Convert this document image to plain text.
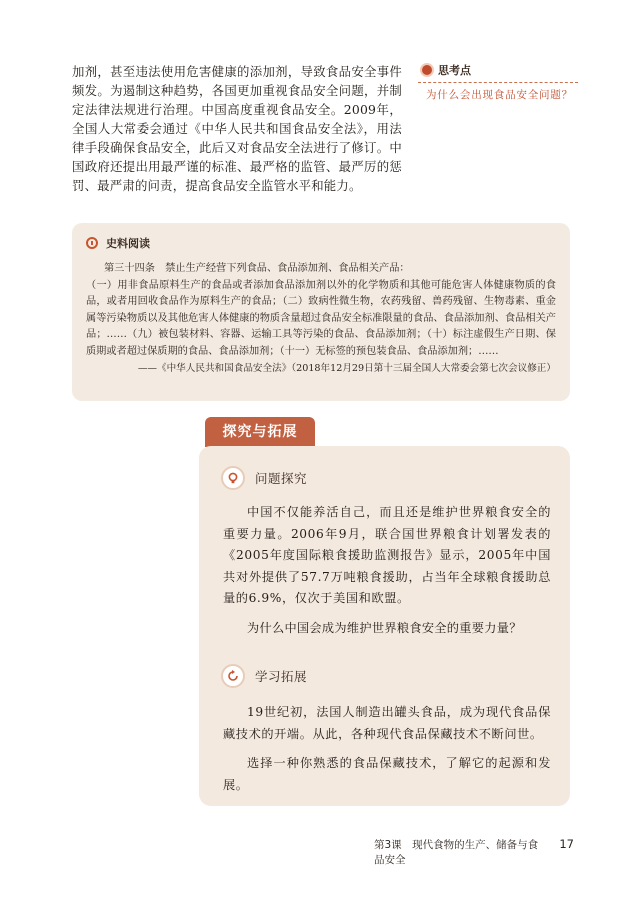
加剂，甚至违法使用危害健康的添加剂，导致食品安全事件频发。为遏制这种趋势，各国更加重视食品安全问题，并制定法律法规进行治理。中国高度重视食品安全。2009年，全国人大常委会通过《中华人民共和国食品安全法》，用法律手段确保食品安全，此后又对食品安全法进行了修订。中国政府还提出用最严谨的标准、最严格的监管、最严厉的惩罚、最严肃的问责，提高食品安全监管水平和能力。

思考点

为什么会出现食品安全问题？

史料阅读

第三十四条　禁止生产经营下列食品、食品添加剂、食品相关产品：

（一）用非食品原料生产的食品或者添加食品添加剂以外的化学物质和其他可能危害人体健康物质的食品，或者用回收食品作为原料生产的食品；（二）致病性微生物，农药残留、兽药残留、生物毒素、重金属等污染物质以及其他危害人体健康的物质含量超过食品安全标准限量的食品、食品添加剂、食品相关产品；……（九）被包装材料、容器、运输工具等污染的食品、食品添加剂；（十）标注虚假生产日期、保质期或者超过保质期的食品、食品添加剂；（十一）无标签的预包装食品、食品添加剂；……

——《中华人民共和国食品安全法》（2018年12月29日第十三届全国人大常委会第七次会议修正）

探究与拓展
问题探究

中国不仅能养活自己，而且还是维护世界粮食安全的重要力量。2006年9月，联合国世界粮食计划署发表的《2005年度国际粮食援助监测报告》显示，2005年中国共对外提供了57.7万吨粮食援助，占当年全球粮食援助总量的6.9%，仅次于美国和欧盟。

为什么中国会成为维护世界粮食安全的重要力量？

学习拓展

19世纪初，法国人制造出罐头食品，成为现代食品保藏技术的开端。从此，各种现代食品保藏技术不断问世。

选择一种你熟悉的食品保藏技术，了解它的起源和发展。

第3课　现代食物的生产、储备与食品安全
17
